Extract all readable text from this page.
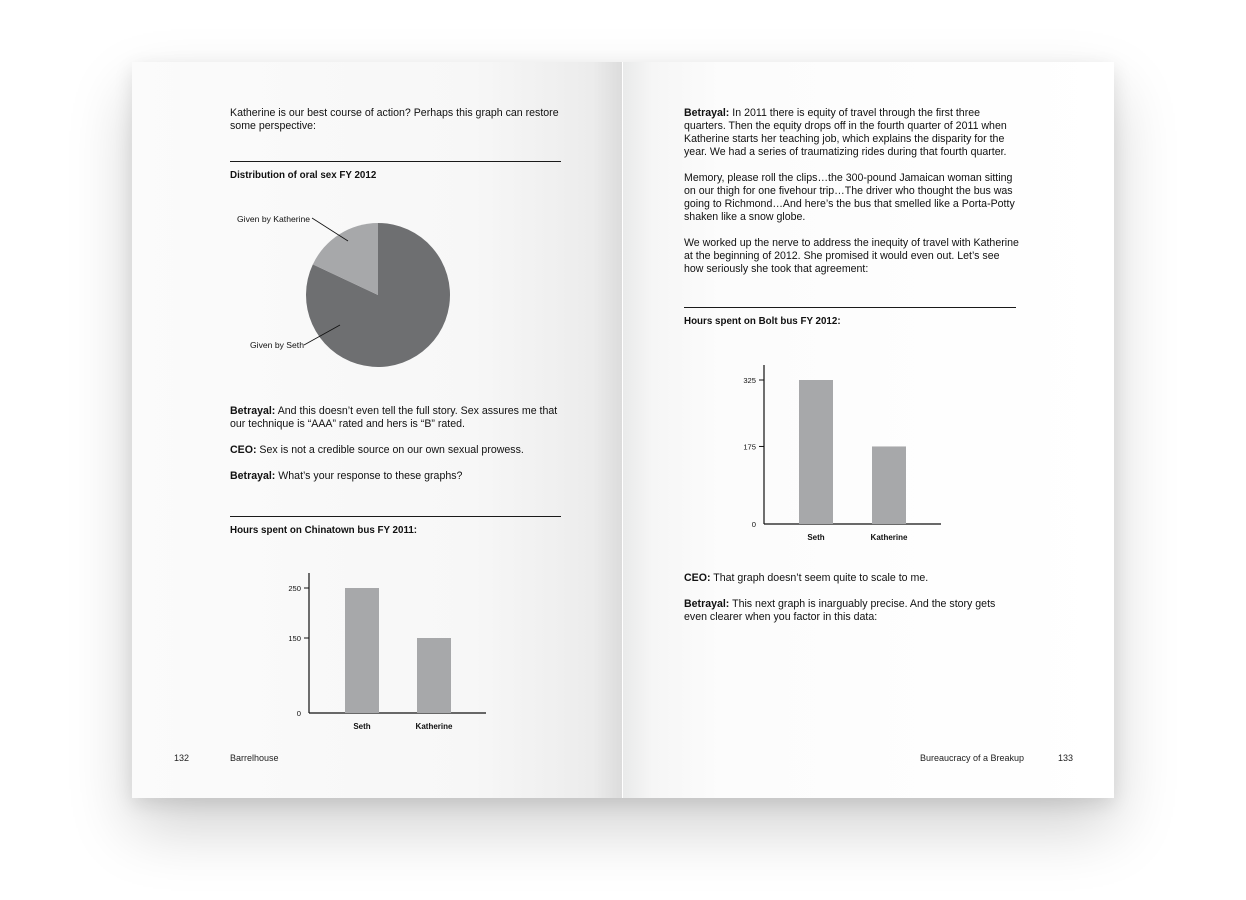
Katherine is our best course of action? Perhaps this graph can restore some perspective:

Distribution of oral sex FY 2012
Given by Katherine
Given by Seth

Betrayal: And this doesn’t even tell the full story. Sex assures me that our technique is “AAA” rated and hers is “B” rated.

CEO: Sex is not a credible source on our own sexual prowess.

Betrayal: What’s your response to these graphs?

Hours spent on Chinatown bus FY 2011:
Seth	Katherine
0
150
250
132	Barrelhouse

Betrayal: In 2011 there is equity of travel through the first three quarters. Then the equity drops off in the fourth quarter of 2011 when Katherine starts her teaching job, which explains the disparity for the year. We had a series of traumatizing rides during that fourth quarter.

Memory, please roll the clips…the 300-pound Jamaican woman sitting on our thigh for one fivehour trip…The driver who thought the bus was going to Richmond…And here’s the bus that smelled like a Porta-Potty shaken like a snow globe.

We worked up the nerve to address the inequity of travel with Katherine at the beginning of 2012. She promised it would even out. Let’s see how seriously she took that agreement:

Hours spent on Bolt bus FY 2012:
Seth	Katherine
0
175
325

CEO: That graph doesn’t seem quite to scale to me.

Betrayal: This next graph is inarguably precise. And the story gets even clearer when you factor in this data:

Bureaucracy of a Breakup	133
